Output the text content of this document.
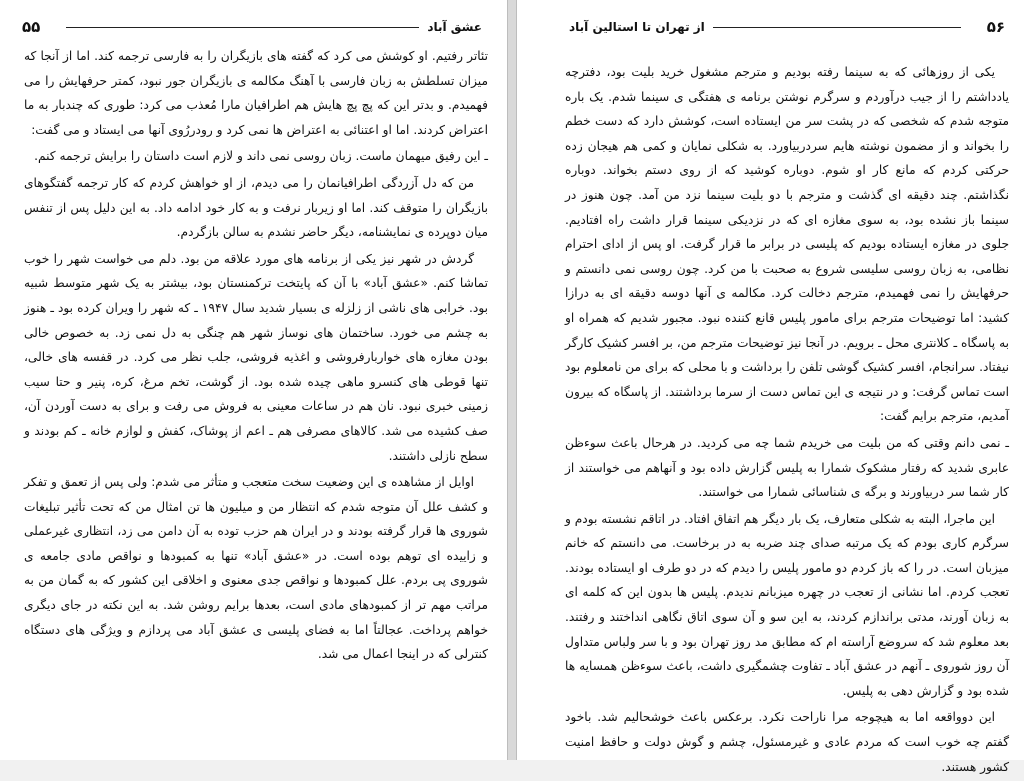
۵۵	عشق آباد

تئاتر رفتیم. او کوشش می کرد که گفته های بازیگران را به فارسی ترجمه کند. اما از آنجا که میزان تسلطش به زبان فارسی با آهنگ مکالمه ی بازیگران جور نبود، کمتر حرفهایش را می فهمیدم. و بدتر این که پچ پچ هایش هم اطرافیان مارا مُعذب می کرد: طوری که چندبار به ما اعتراض کردند. اما او اعتنائی به اعتراض ها نمی کرد و رودررُوی آنها می ایستاد و می گفت:

ـ این رفیق میهمان ماست. زبان روسی نمی داند و لازم است داستان را برایش ترجمه کنم.

من که دل آزردگی اطرافیانمان را می دیدم، از او خواهش کردم که کار ترجمه گفتگوهای بازیگران را متوقف کند. اما او زیربار نرفت و به کار خود ادامه داد. به این دلیل پس از تنفس میان دوپرده ی نمایشنامه، دیگر حاضر نشدم به سالن بازگردم.

گردش در شهر نیز یکی از برنامه های مورد علاقه من بود. دلم می خواست شهر را خوب تماشا کنم. «عشق آباد» با آن که پایتخت ترکمنستان بود، بیشتر به یک شهر متوسط شبیه بود. خرابی های ناشی از زلزله ی بسیار شدید سال ۱۹۴۷ ـ که شهر را ویران کرده بود ـ هنوز به چشم می خورد. ساختمان های نوساز شهر هم چنگی به دل نمی زد. به خصوص خالی بودن مغازه های خواربارفروشی و اغذیه فروشی، جلب نظر می کرد. در قفسه های خالی، تنها قوطی های کنسرو ماهی چیده شده بود. از گوشت، تخم مرغ، کره، پنیر و حتا سیب زمینی خبری نبود. نان هم در ساعات معینی به فروش می رفت و برای به دست آوردن آن، صف کشیده می شد. کالاهای مصرفی هم ـ اعم از پوشاک، کفش و لوازم خانه ـ کم بودند و سطح نازلی داشتند.

اوایل از مشاهده ی این وضعیت سخت متعجب و متأثر می شدم: ولی پس از تعمق و تفکر و کشف علل آن متوجه شدم که انتظار من و میلیون ها تن امثال من که تحت تأثیر تبلیغات شوروی ها قرار گرفته بودند و در ایران هم حزب توده به آن دامن می زد، انتظاری غیرعملی و زاییده ای توهم بوده است. در «عشق آباد» تنها به کمبودها و نواقص مادی جامعه ی شوروی پی بردم. علل کمبودها و نواقص جدی معنوی و اخلاقی این کشور که به گمان من به مراتب مهم تر از کمبودهای مادی است، بعدها برایم روشن شد. به این نکته در جای دیگری خواهم پرداخت. عجالتاً اما به فضای پلیسی ی عشق آباد می پردازم و ویژگی های دستگاه کنترلی که در اینجا اعمال می شد.

از تهران تا استالین آباد	۵۶

یکی از روزهائی که به سینما رفته بودیم و مترجم مشغول خرید بلیت بود، دفترچه یادداشتم را از جیب درآوردم و سرگرم نوشتن برنامه ی هفتگی ی سینما شدم. یک باره متوجه شدم که شخصی که در پشت سر من ایستاده است، کوشش دارد که دست خطم را بخواند و از مضمون نوشته هایم سردربیاورد. به شکلی نمایان و کمی هم هیجان زده حرکتی کردم که مانع کار او شوم. دوباره کوشید که از روی دستم بخواند. دوباره نگذاشتم. چند دقیقه ای گذشت و مترجم با دو بلیت سینما نزد من آمد. چون هنوز در سینما باز نشده بود، به سوی مغازه ای که در نزدیکی سینما قرار داشت راه افتادیم. جلوی در مغازه ایستاده بودیم که پلیسی در برابر ما قرار گرفت. او پس از ادای احترام نظامی، به زبان روسی سلیسی شروع به صحبت با من کرد. چون روسی نمی دانستم و حرفهایش را نمی فهمیدم، مترجم دخالت کرد. مکالمه ی آنها دوسه دقیقه ای به درازا کشید: اما توضیحات مترجم برای مامور پلیس قانع کننده نبود. مجبور شدیم که همراه او به پاسگاه ـ کلانتری محل ـ برویم. در آنجا نیز توضیحات مترجم من، بر افسر کشیک کارگر نیفتاد. سرانجام، افسر کشیک گوشی تلفن را برداشت و با محلی که برای من نامعلوم بود است تماس گرفت: و در نتیجه ی این تماس دست از سرما برداشتند. از پاسگاه که بیرون آمدیم، مترجم برایم گفت:

ـ نمی دانم وقتی که من بلیت می خریدم شما چه می کردید. در هرحال باعث سوءظن عابری شدید که رفتار مشکوک شمارا به پلیس گزارش داده بود و آنهاهم می خواستند از کار شما سر دربیاورند و برگه ی شناسائی شمارا می خواستند.

این ماجرا، البته به شکلی متعارف، یک بار دیگر هم اتفاق افتاد. در اتاقم نشسته بودم و سرگرم کاری بودم که یک مرتبه صدای چند ضربه به در برخاست. می دانستم که خانم میزبان است. در را که باز کردم دو مامور پلیس را دیدم که در دو طرف او ایستاده بودند. تعجب کردم. اما نشانی از تعجب در چهره میزبانم ندیدم. پلیس ها بدون این که کلمه ای به زبان آورند، مدتی براندازم کردند، به این سو و آن سوی اتاق نگاهی انداختند و رفتند. بعد معلوم شد که سروضع آراسته ام که مطابق مد روز تهران بود و با سر ولباس متداول آن روز شوروی ـ آنهم در عشق آباد ـ تفاوت چشمگیری داشت، باعث سوءظن همسایه ها شده بود و گزارش دهی به پلیس.

این دوواقعه اما به هیچوجه مرا ناراحت نکرد. برعکس باعث خوشحالیم شد. باخود گفتم چه خوب است که مردم عادی و غیرمسئول، چشم و گوش دولت و حافظ امنیت کشور هستند.
